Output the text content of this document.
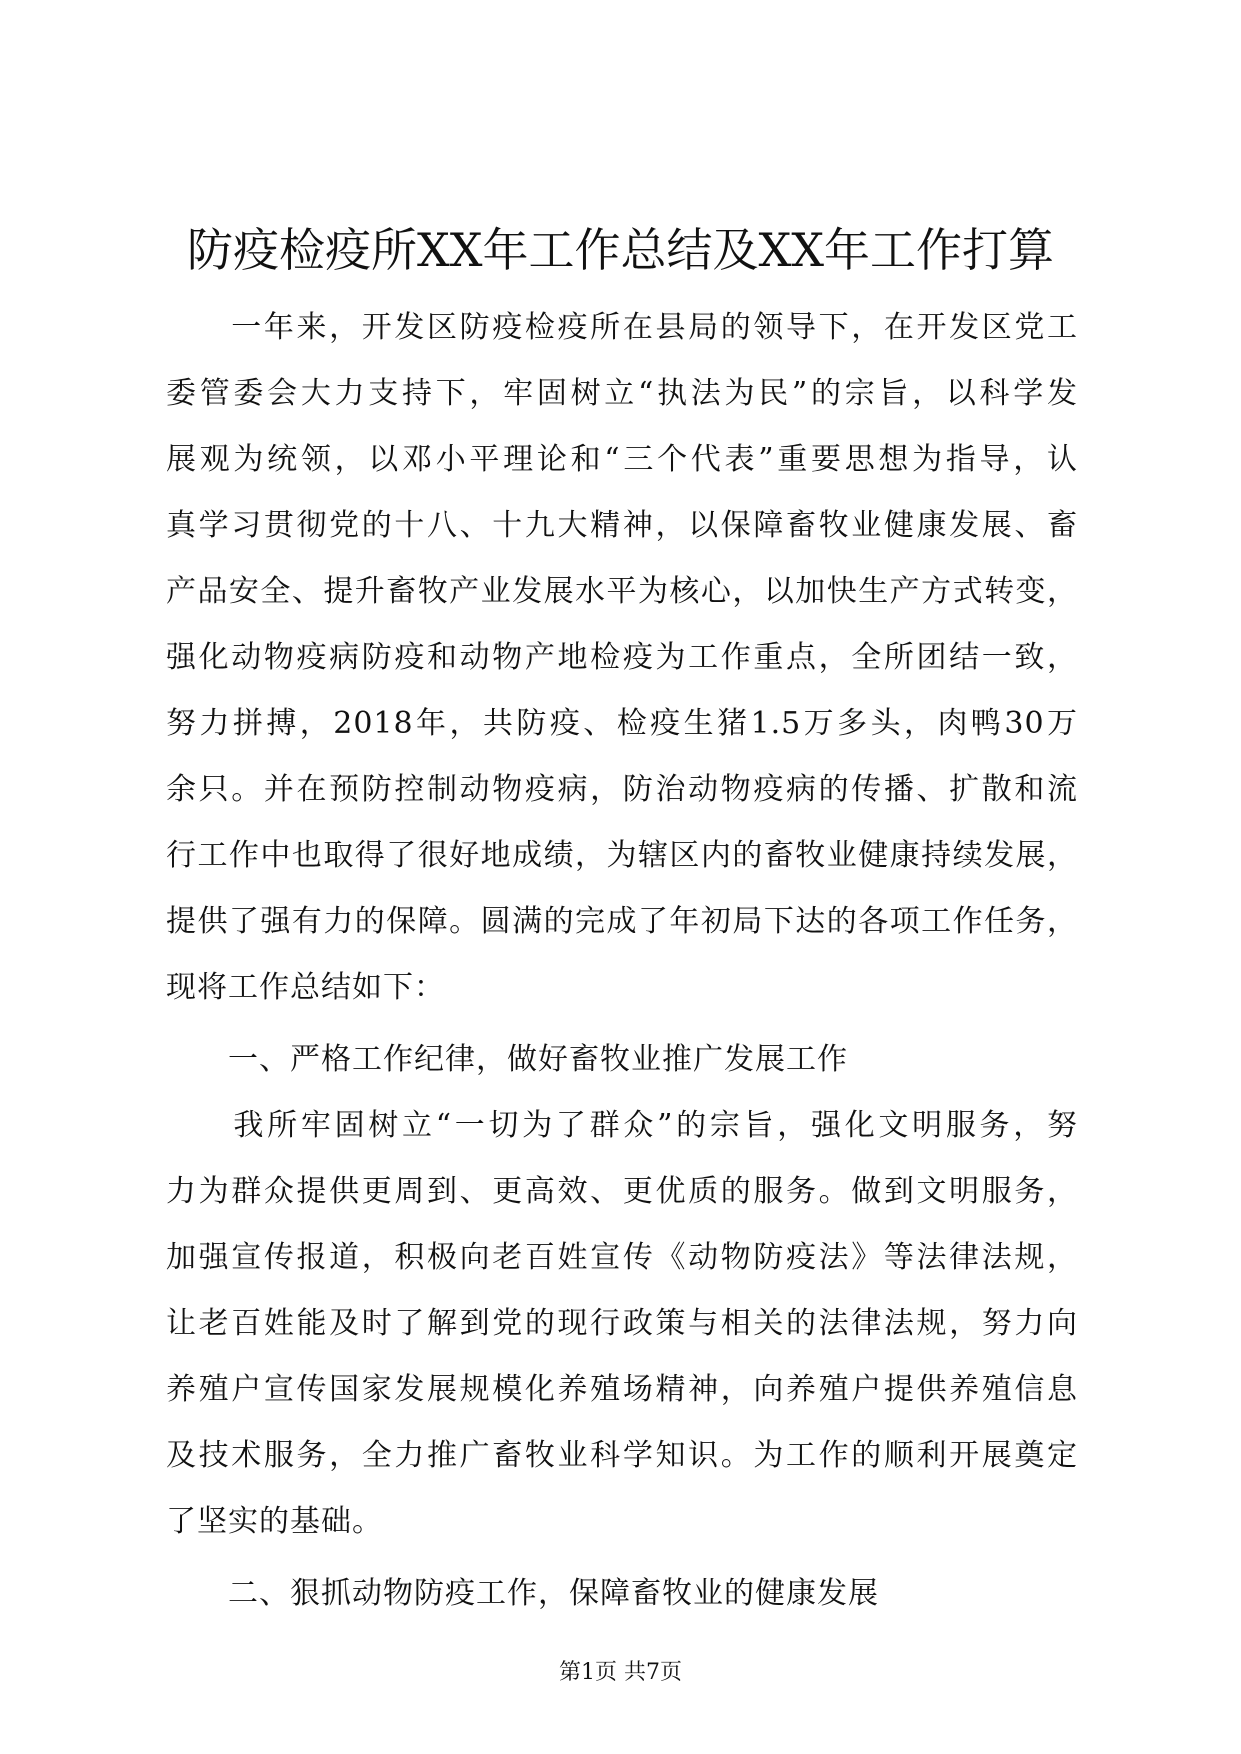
防疫检疫所XX年工作总结及XX年工作打算
　　一年来，开发区防疫检疫所在县局的领导下，在开发区党工
委管委会大力支持下，牢固树立“执法为民”的宗旨，以科学发
展观为统领，以邓小平理论和“三个代表”重要思想为指导，认
真学习贯彻党的十八、十九大精神，以保障畜牧业健康发展、畜
产品安全、提升畜牧产业发展水平为核心，以加快生产方式转变，
强化动物疫病防疫和动物产地检疫为工作重点，全所团结一致，
努力拼搏，2018年，共防疫、检疫生猪1.5万多头，肉鸭30万
余只。并在预防控制动物疫病，防治动物疫病的传播、扩散和流
行工作中也取得了很好地成绩，为辖区内的畜牧业健康持续发展，
提供了强有力的保障。圆满的完成了年初局下达的各项工作任务，
现将工作总结如下：
　　一、严格工作纪律，做好畜牧业推广发展工作
　　我所牢固树立“一切为了群众”的宗旨，强化文明服务，努
力为群众提供更周到、更高效、更优质的服务。做到文明服务，
加强宣传报道，积极向老百姓宣传《动物防疫法》等法律法规，
让老百姓能及时了解到党的现行政策与相关的法律法规，努力向
养殖户宣传国家发展规模化养殖场精神，向养殖户提供养殖信息
及技术服务，全力推广畜牧业科学知识。为工作的顺利开展奠定
了坚实的基础。
　　二、狠抓动物防疫工作，保障畜牧业的健康发展
第1页 共7页
